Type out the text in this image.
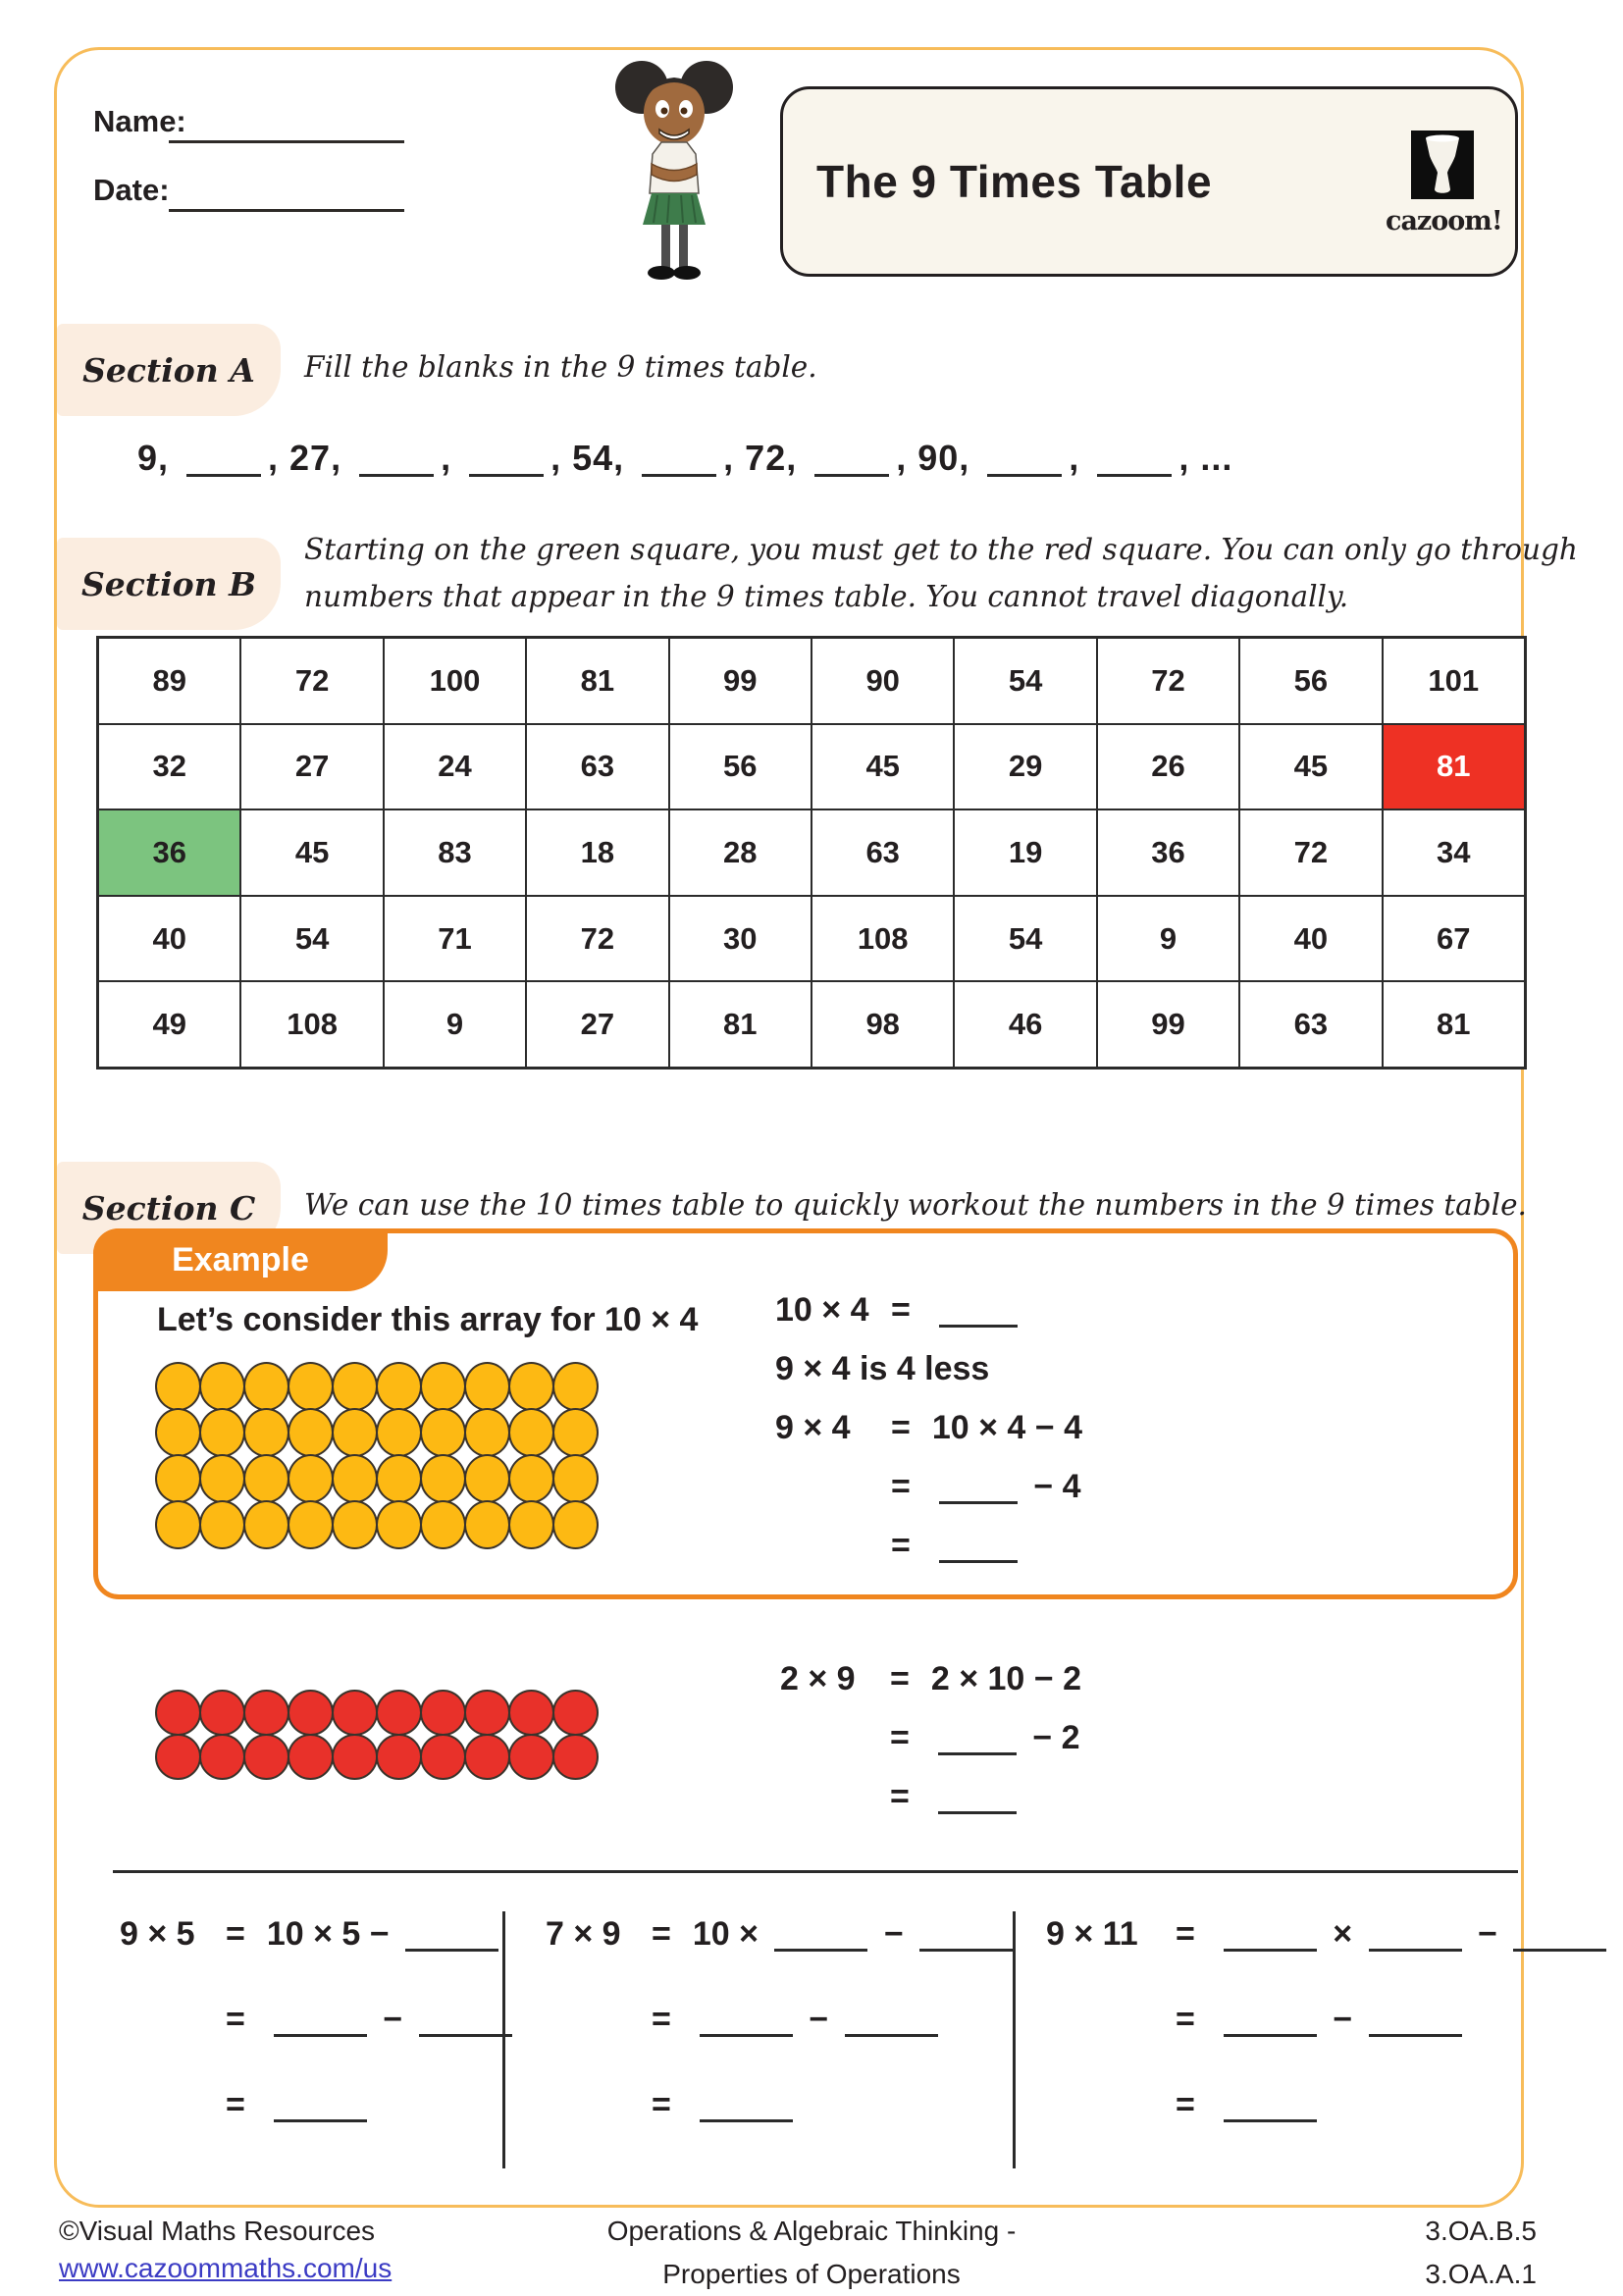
Name:
Date:	The 9 Times Table
cazoom!
Section A Fill the blanks in the 9 times table.
9,	, 27,	,	, 54,	, 72,	, 90,	,	, ...
Section B
Starting on the green square, you must get to the red square. You can only go through
numbers that appear in the 9 times table. You cannot travel diagonally.
89	72	100	81	99	90	54	72	56	101
32	27	24	63	56	45	29	26	45	81
36	45	83	18	28	63	19	36	72	34
40	54	71	72	30	108	54	9	40	67
49	108	9	27	81	98	46	99	63	81
Section C We can use the 10 times table to quickly workout the numbers in the 9 times table.
Example
Let’s consider this array for 10 × 4 10 × 4 =
9 × 4 is 4 less
9 × 4 = 10 × 4 − 4
=	− 4
=
2 × 9 = 2 × 10 − 2
=	− 2
=
9 × 5 = 10 × 5 −
=	−
=
7 × 9 = 10 ×	−
=	−
=
9 × 11 =	×	−
=	−
=
©Visual Maths Resources
www.cazoommaths.com/us
Operations & Algebraic Thinking -
Properties of Operations
3.OA.B.5
3.OA.A.1
